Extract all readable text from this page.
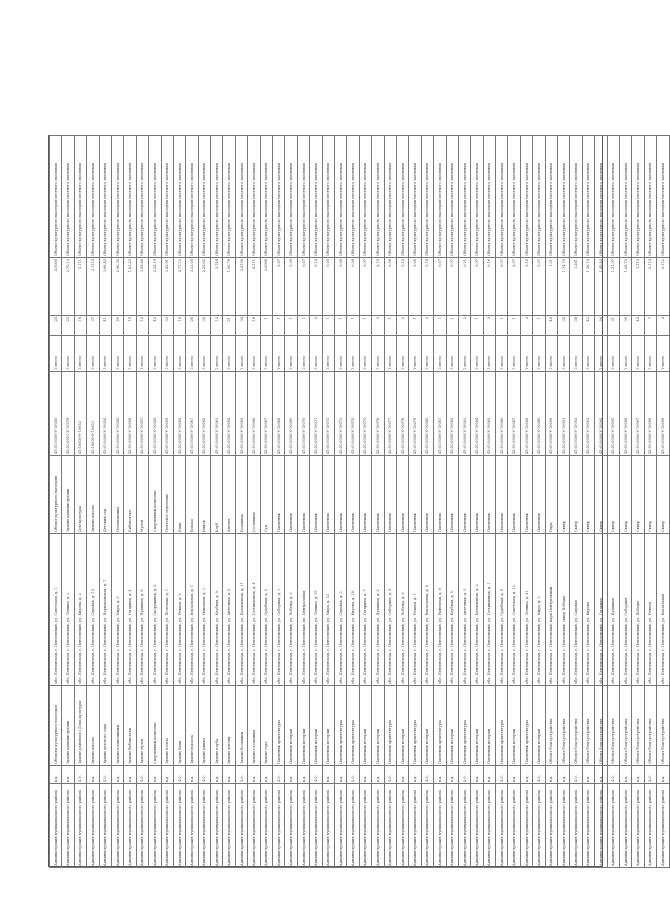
Администрация муниципального района	к.д.	Объекты культурного наследия	обл. Пензенская, г. Пензенский, ул. Советская, д. 1	Объект культурного наследия	45:01:0000-У-10050	1 место	24	4.0000	Объект культурного наследия местного значения
Администрация муниципального района	в.к.	Здание администрации	обл. Пензенская, г. Пензенский, ул. Ленина, д. 3	Здание администрации	45:01:0051-У-10276	1 место	22	2.70.13	Объект культурного наследия местного значения
Администрация муниципального района	4.0.	Здание районного Дома культуры	обл. Пензенская, г. Пензенский, ул. Кирова, д. 2	Дом культуры	45:16000-У-10052	1 место	18	5.111	Объект культурного наследия местного значения
Администрация муниципального района	в.к.	Здание школы	обл. Пензенская, г. Пензенский, ул. Садовая, д. 10	Здание школы	45:16000-У-10053	1 место	37	3.1114	Объект культурного наследия местного значения
Администрация муниципального района	4.0.	Здание детского сада	обл. Пензенская, г. Пензенский, ул. Первомайская, д. 7	Детский сад	45:01:0000-У-10054	1 место	41	3.66.83	Объект культурного наследия местного значения
Администрация муниципального района	к.д.	Здание поликлиники	обл. Пензенская, г. Пензенский, ул. Мира, д. 5	Поликлиника	45:01:0000-У-10055	1 место	29	2.96.35	Объект культурного наследия местного значения
Администрация муниципального района	в.к.	Здание библиотеки	обл. Пензенская, г. Пензенский, ул. Гагарина, д. 4	Библиотека	45:01:0000-У-10056	1 место	15	1.93.23	Объект культурного наследия местного значения
Администрация муниципального района	4.0.	Здание музея	обл. Пензенская, г. Пензенский, ул. Пушкина, д. 8	Музей	45:01:0000-У-10057	1 место	12	3.58.88	Объект культурного наследия местного значения
Администрация муниципального района	в.к.	Спортивный комплекс	обл. Пензенская, г. Пензенский, ул. Спортивная, д. 2	Спортивный комплекс	45:01:0000-У-10058	1 место	45	2.34.19	Объект культурного наследия местного значения
Администрация муниципального района	к.д.	Здание почты	обл. Пензенская, г. Пензенский, ул. Почтовая, д. 1	Почтовое отделение	45:01:0000-У-10059	1 место	33	3.42.91	Объект культурного наследия местного значения
Администрация муниципального района	4.0.	Здание бани	обл. Пензенская, г. Пензенский, ул. Речная, д. 6	Баня	45:01:0000-У-10060	1 место	19	2.77.73	Объект культурного наследия местного значения
Администрация муниципального района	в.к.	Здание вокзала	обл. Пензенская, г. Пензенский, ул. Вокзальная, д. 1	Вокзал	45:01:0000-У-10061	1 место	26	3.33.05	Объект культурного наследия местного значения
Администрация муниципального района	4.0.	Здание рынка	обл. Пензенская, г. Пензенский, ул. Рыночная, д. 3	Рынок	45:01:0000-У-10062	1 место	38	2.25.62	Объект культурного наследия местного значения
Администрация муниципального района	к.д.	Здание клуба	обл. Пензенская, г. Пензенский, ул. Клубная, д. 9	Клуб	45:01:0000-У-10063	1 место	14	3.748	Объект культурного наследия местного значения
Администрация муниципального района	в.к.	Здание аптеки	обл. Пензенская, г. Пензенский, ул. Аптечная, д. 2	Аптека	45:01:0000-У-10064	1 место	21	1.95.79	Объект культурного наследия местного значения
Администрация муниципального района	4.0.	Здание больницы	обл. Пензенская, г. Пензенский, ул. Больничная, д. 11	Больница	45:01:0000-У-10065	1 место	34	2.4109	Объект культурного наследия местного значения
Администрация муниципального района	в.к.	Здание гостиницы	обл. Пензенская, г. Пензенский, ул. Гостиничная, д. 4	Гостиница	45:01:0000-У-10066	1 место	18	4.111	Объект культурного наследия местного значения
Администрация муниципального района	к.д.	Здание суда	обл. Пензенская, г. Пензенский, ул. Судебная, д. 2	Суд	45:01:0000-У-10067	1 место	1	3.0099	Объект культурного наследия местного значения
Администрация муниципального района	4.0.	Памятник архитектуры	обл. Пензенская, г. Пензенский, ул. Соборная, д. 1	Памятник	45:01:0000-У-10068	1 место	1	0.07	Объект культурного наследия местного значения
Администрация муниципального района	в.к.	Памятник истории	обл. Пензенская, г. Пензенский, ул. Победы, д. 5	Памятник	45:01:0000-У-10069	1 место	1	0.09	Объект культурного наследия местного значения
Администрация муниципального района	к.д.	Памятник истории	обл. Пензенская, г. Пензенский, пл. Центральная	Памятник	45:01:0000-У-10070	1 место	1	0.07	Объект культурного наследия местного значения
Администрация муниципального района	4.0.	Памятник истории	обл. Пензенская, г. Пензенский, ул. Ленина, д. 15	Памятник	45:01:0000-У-10071	1 место	2	0.14	Объект культурного наследия местного значения
Администрация муниципального района	в.к.	Памятник истории	обл. Пензенская, г. Пензенский, ул. Мира, д. 12	Памятник	45:01:0000-У-10072	1 место	1	0.05	Объект культурного наследия местного значения
Администрация муниципального района	к.д.	Памятник архитектуры	обл. Пензенская, г. Пензенский, ул. Садовая, д. 3	Памятник	45:01:0000-У-10073	1 место	1	0.08	Объект культурного наследия местного значения
Администрация муниципального района	4.0.	Памятник архитектуры	обл. Пензенская, г. Пензенский, ул. Кирова, д. 18	Памятник	45:01:0000-У-10074	1 место	1	0.09	Объект культурного наследия местного значения
Администрация муниципального района	в.к.	Памятник истории	обл. Пензенская, г. Пензенский, ул. Гагарина, д. 7	Памятник	45:01:0000-У-10075	1 место	1	0.07	Объект культурного наследия местного значения
Администрация муниципального района	к.д.	Памятник истории	обл. Пензенская, г. Пензенский, ул. Пушкина, д. 2	Памятник	45:01:0000-У-10076	1 место	3	0.16	Объект культурного наследия местного значения
Администрация муниципального района	4.0.	Памятник архитектуры	обл. Пензенская, г. Пензенский, ул. Соборная, д. 4	Памятник	45:01:0000-У-10077	1 место	1	0.06	Объект культурного наследия местного значения
Администрация муниципального района	в.к.	Памятник истории	обл. Пензенская, г. Пензенский, ул. Победы, д. 9	Памятник	45:01:0000-У-10078	1 место	2	0.14	Объект культурного наследия местного значения
Администрация муниципального района	к.д.	Памятник архитектуры	обл. Пензенская, г. Пензенский, ул. Речная, д. 1	Памятник	45:01:0000-У-10079	1 место	1	0.05	Объект культурного наследия местного значения
Администрация муниципального района	4.0.	Памятник истории	обл. Пензенская, г. Пензенский, ул. Вокзальная, д. 6	Памятник	45:01:0000-У-10080	1 место	3	0.16	Объект культурного наследия местного значения
Администрация муниципального района	в.к.	Памятник архитектуры	обл. Пензенская, г. Пензенский, ул. Рыночная, д. 8	Памятник	45:01:0000-У-10081	1 место	1	0.07	Объект культурного наследия местного значения
Администрация муниципального района	к.д.	Памятник истории	обл. Пензенская, г. Пензенский, ул. Клубная, д. 5	Памятник	45:01:0000-У-10082	1 место	1	0.07	Объект культурного наследия местного значения
Администрация муниципального района	4.0.	Памятник архитектуры	обл. Пензенская, г. Пензенский, ул. Аптечная, д. 3	Памятник	45:01:0000-У-10083	1 место	2	0.21	Объект культурного наследия местного значения
Администрация муниципального района	в.к.	Памятник истории	обл. Пензенская, г. Пензенский, ул. Больничная, д. 2	Памятник	45:01:0000-У-10084	1 место	1	0.07	Объект культурного наследия местного значения
Администрация муниципального района	к.д.	Памятник истории	обл. Пензенская, г. Пензенский, ул. Гостиничная, д. 1	Памятник	45:01:0000-У-10085	1 место	3	0.16	Объект культурного наследия местного значения
Администрация муниципального района	4.0.	Памятник архитектуры	обл. Пензенская, г. Пензенский, ул. Судебная, д. 5	Памятник	45:01:0000-У-10086	1 место	1	0.07	Объект культурного наследия местного значения
Администрация муниципального района	в.к.	Памятник истории	обл. Пензенская, г. Пензенский, ул. Советская, д. 12	Памятник	45:01:0000-У-10087	1 место	1	0.07	Объект культурного наследия местного значения
Администрация муниципального района	к.д.	Памятник архитектуры	обл. Пензенская, г. Пензенский, ул. Ленина, д. 21	Памятник	45:01:0000-У-10088	1 место	3	0.16	Объект культурного наследия местного значения
Администрация муниципального района	4.0.	Памятник истории	обл. Пензенская, г. Пензенский, ул. Мира, д. 3	Памятник	45:01:0000-У-10089	1 место	1	0.07	Объект культурного наследия местного значения
Администрация муниципального района	в.к.	Объект благоустройства	обл. Пензенская, г. Пензенский, парк Центральный	Парк	45:01:0000-У-10090	1 место	45	1.31	Объект культурного наследия местного значения
Администрация муниципального района	к.д.	Объект благоустройства	обл. Пензенская, г. Пензенский, сквер Победы	Сквер	45:01:0000-У-10091	1 место	35	1.74.79	Объект культурного наследия местного значения
Администрация муниципального района	4.0.	Объект благоустройства	обл. Пензенская, г. Пензенский, ул. Садовая	Сквер	45:01:0000-У-10092	1 место	38	1.281	Объект культурного наследия местного значения
Администрация муниципального района	в.к.	Объект благоустройства	обл. Пензенская, г. Пензенский, ул. Кирова	Сквер	45:01:0000-У-10093	1 место	42	1.36.10	Объект культурного наследия местного значения
Администрация муниципального района	к.д.	Объект благоустройства	обл. Пензенская, г. Пензенский, ул. Гагарина	Сквер	45:01:0000-У-10094	1 место	26	1.46.83	Объект культурного наследия местного значения
Администрация муниципального района	4.0.	Объект благоустройства	обл. Пензенская, г. Пензенский, ул. Пушкина	Сквер	45:01:0000-У-10095	1 место	31	1.21.07	Объект культурного наследия местного значения
Администрация муниципального района	в.к.	Объект благоустройства	обл. Пензенская, г. Пензенский, ул. Соборная	Сквер	45:01:0000-У-10096	1 место	39	1.08.72	Объект культурного наследия местного значения
Администрация муниципального района	к.д.	Объект благоустройства	обл. Пензенская, г. Пензенский, ул. Победы	Сквер	45:01:0000-У-10097	1 место	44	1.112	Объект культурного наследия местного значения
Администрация муниципального района	4.0.	Объект благоустройства	обл. Пензенская, г. Пензенский, ул. Речная	Сквер	45:01:0000-У-10098	1 место	7	0.114	Объект культурного наследия местного значения
Администрация муниципального района	в.к.	Объект благоустройства	обл. Пензенская, г. Пензенский, ул. Вокзальная	Сквер	45:01:0000-У-10099	1 место	4	0.112	Объект культурного наследия местного значения
